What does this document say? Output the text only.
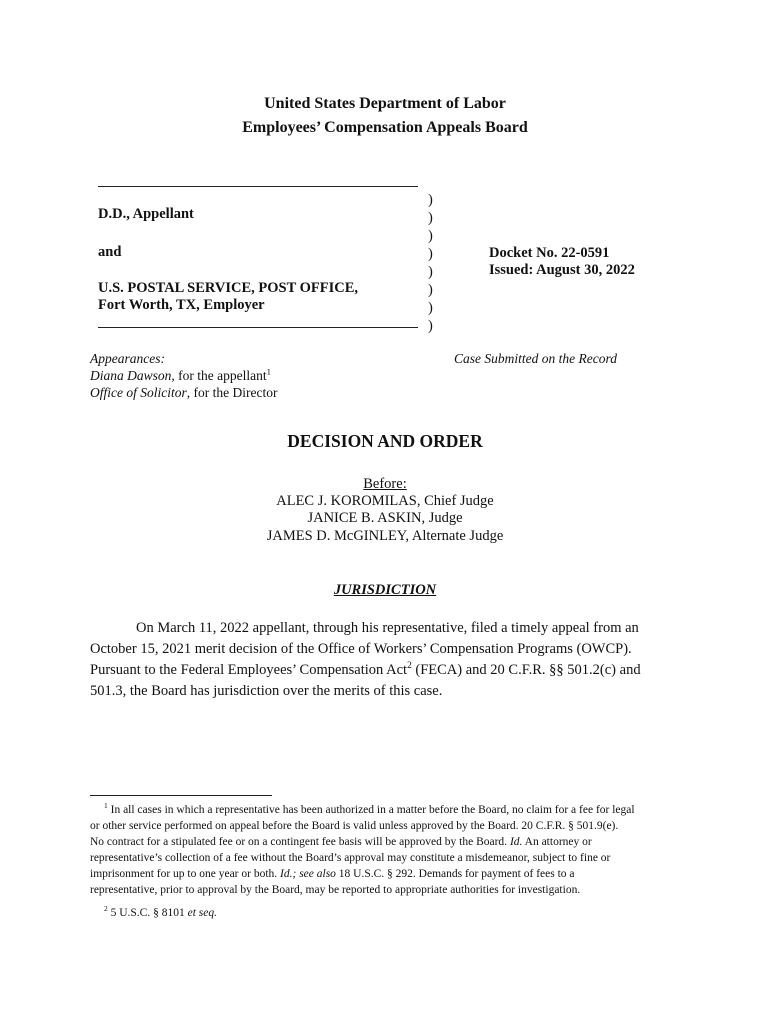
United States Department of Labor
Employees’ Compensation Appeals Board
D.D., Appellant
and
U.S. POSTAL SERVICE, POST OFFICE,
Fort Worth, TX, Employer
)
)
)
)
)
)
)
)
Docket No. 22-0591
Issued: August 30, 2022
Appearances:
Diana Dawson, for the appellant$^1$
Office of Solicitor, for the Director
Case Submitted on the Record
DECISION AND ORDER
Before:
ALEC J. KOROMILAS, Chief Judge
JANICE B. ASKIN, Judge
JAMES D. McGINLEY, Alternate Judge
JURISDICTION
On March 11, 2022 appellant, through his representative, filed a timely appeal from an
October 15, 2021 merit decision of the Office of Workers’ Compensation Programs (OWCP).
Pursuant to the Federal Employees’ Compensation Act$^2$ (FECA) and 20 C.F.R. §§ 501.2(c) and
501.3, the Board has jurisdiction over the merits of this case.
$^1$ In all cases in which a representative has been authorized in a matter before the Board, no claim for a fee for legal
or other service performed on appeal before the Board is valid unless approved by the Board. 20 C.F.R. § 501.9(e).
No contract for a stipulated fee or on a contingent fee basis will be approved by the Board. Id. An attorney or
representative’s collection of a fee without the Board’s approval may constitute a misdemeanor, subject to fine or
imprisonment for up to one year or both. Id.; see also 18 U.S.C. § 292. Demands for payment of fees to a
representative, prior to approval by the Board, may be reported to appropriate authorities for investigation.
$^2$ 5 U.S.C. § 8101 et seq.
